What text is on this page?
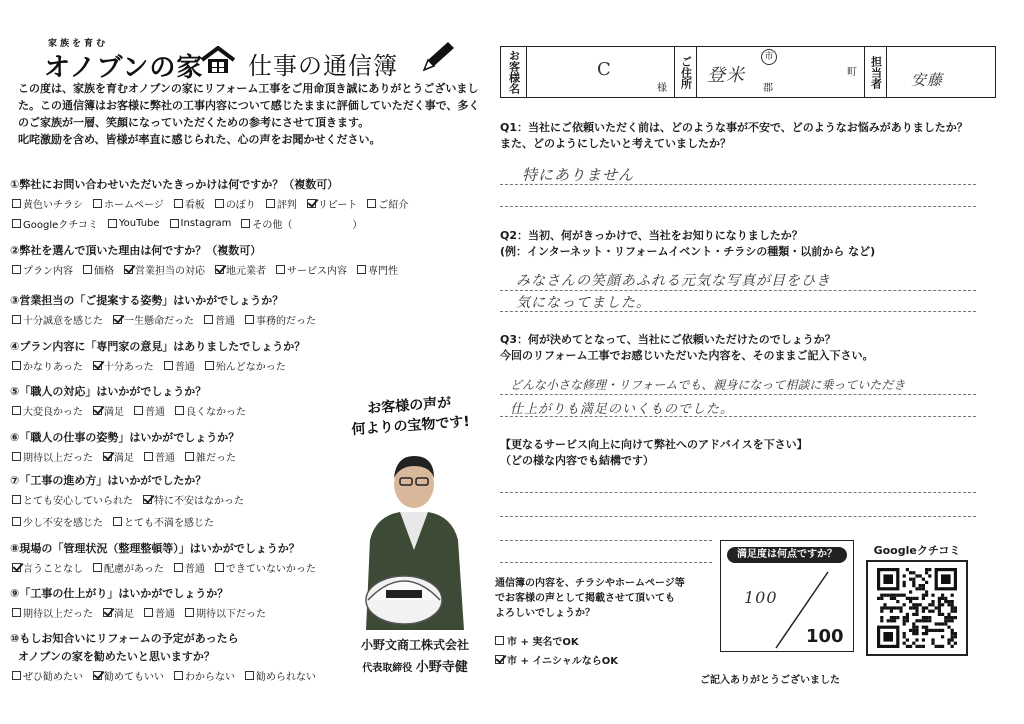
家族を育む
オノブンの家 仕事の通信簿

この度は、家族を育むオノブンの家にリフォーム工事をご用命頂き誠にありがとうございまし

た。この通信簿はお客様に弊社の工事内容について感じたままに評価していただく事で、多く

のご家族が一層、笑顔になっていただくための参考にさせて頂きます。

叱咤激励を含め、皆様が率直に感じられた、心の声をお聞かせください。

①弊社にお問い合わせいただいたきっかけは何ですか？（複数可）
黄色いチラシ ホームページ 看板 のぼり 評判 リピート ご紹介
Googleクチコミ YouTube Instagram その他（　　　　　　）
②弊社を選んで頂いた理由は何ですか？（複数可）
プラン内容 価格 営業担当の対応 地元業者 サービス内容 専門性
③営業担当の「ご提案する姿勢」はいかがでしょうか？
十分誠意を感じた 一生懸命だった 普通 事務的だった
④プラン内容に「専門家の意見」はありましたでしょうか？
かなりあった 十分あった 普通 殆んどなかった
⑤「職人の対応」はいかがでしょうか？
大変良かった 満足 普通 良くなかった
⑥「職人の仕事の姿勢」はいかがでしょうか？
期待以上だった 満足 普通 雑だった
⑦「工事の進め方」はいかがでしたか？
とても安心していられた 特に不安はなかった
少し不安を感じた とても不満を感じた
⑧現場の「管理状況（整理整頓等）」はいかがでしょうか？
言うことなし 配慮があった 普通 できていないかった
⑨「工事の仕上がり」はいかがでしょうか？
期待以上だった 満足 普通 期待以下だった
⑩もしお知合いにリフォームの予定があったら
オノブンの家を勧めたいと思いますか？
ぜひ勧めたい 勧めてもいい わからない 勧められない
お客様の声が
何よりの宝物です!
小野文商工株式会社
代表取締役 小野寺健
お客様名	C
様	ご住所 登米
市
郡
町	担当者	安藤
Q1：当社にご依頼いただく前は、どのような事が不安で、どのようなお悩みがありましたか？
また、どのようにしたいと考えていましたか？
特にありません
Q2：当初、何がきっかけで、当社をお知りになりましたか？
(例：インターネット・リフォームイベント・チラシの種類・以前から など)
みなさんの笑顔あふれる元気な写真が目をひき
気になってました。
Q3：何が決めてとなって、当社にご依頼いただけたのでしょうか？
今回のリフォーム工事でお感じいただいた内容を、そのままご記入下さい。
どんな小さな修理・リフォームでも、親身になって相談に乗っていただき
仕上がりも満足のいくものでした。
【更なるサービス向上に向けて弊社へのアドバイスを下さい】
（どの様な内容でも結構です）
満足度は何点ですか？
100
100
Googleクチコミ
通信簿の内容を、チラシやホームページ等
でお客様の声として掲載させて頂いても
よろしいでしょうか？
市 + 実名でOK
市 + イニシャルならOK
ご記入ありがとうございました
